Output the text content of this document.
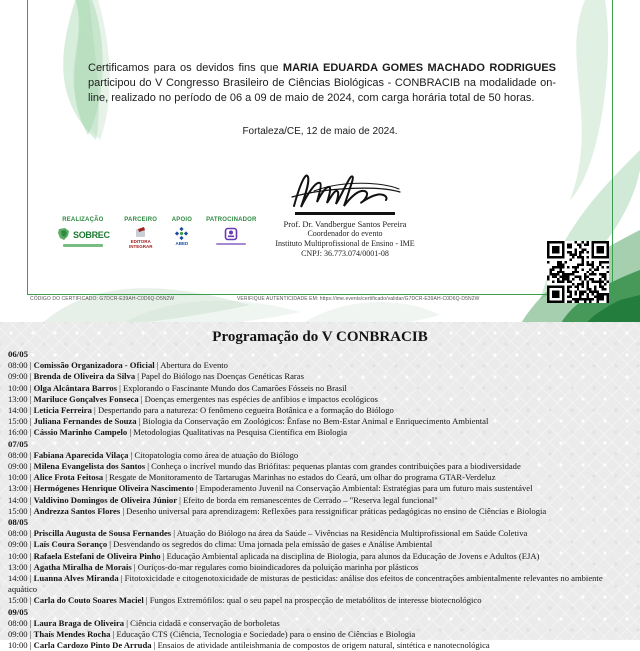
Certificamos para os devidos fins que MARIA EDUARDA GOMES MACHADO RODRIGUES participou do V Congresso Brasileiro de Ciências Biológicas - CONBRACIB na modalidade on-line, realizado no período de 06 a 09 de maio de 2024, com carga horária total de 50 horas.

Fortaleza/CE, 12 de maio de 2024.
Prof. Dr. Vandbergue Santos Pereira
Coordenador do evento
Instituto Multiprofissional de Ensino - IME
CNPJ: 36.773.074/0001-08
REALIZAÇÃO
SOBREC
PARCEIRO
EDITORA INTEGRAR
APOIO
ABED
PATROCINADOR
CÓDIGO DO CERTIFICADO: G7DCR-E39AH-C0D6Q-D5N2W	VERIFIQUE AUTENTICIDADE EM: https://ime.events/certificado/validar/G7DCR-E39AH-C0D6Q-D5N2W
Programação do V CONBRACIB
06/05
08:00 | Comissão Organizadora - Oficial | Abertura do Evento
09:00 | Brenda de Oliveira da Silva | Papel do Biólogo nas Doenças Genéticas Raras
10:00 | Olga Alcântara Barros | Explorando o Fascinante Mundo dos Camarões Fósseis no Brasil
13:00 | Mariluce Gonçalves Fonseca | Doenças emergentes nas espécies de anfíbios e impactos ecológicos
14:00 | Leticia Ferreira | Despertando para a natureza: O fenômeno cegueira Botânica e a formação do Biólogo
15:00 | Juliana Fernandes de Souza | Biologia da Conservação em Zoológicos: Ênfase no Bem-Estar Animal e Enriquecimento Ambiental
16:00 | Cássio Marinho Campelo | Metodologias Qualitativas na Pesquisa Científica em Biologia
07/05
08:00 | Fabiana Aparecida Vilaça | Citopatologia como área de atuação do Biólogo
09:00 | Milena Evangelista dos Santos | Conheça o incrível mundo das Briófitas: pequenas plantas com grandes contribuições para a biodiversidade
10:00 | Alice Frota Feitosa | Resgate de Monitoramento de Tartarugas Marinhas no estados do Ceará, um olhar do programa GTAR-Verdeluz
13:00 | Hermógenes Henrique Oliveira Nascimento | Empoderamento Juvenil na Conservação Ambiental: Estratégias para um futuro mais sustentável
14:00 | Valdivino Domingos de Oliveira Júnior | Efeito de borda em remanescentes de Cerrado – "Reserva legal funcional"
15:00 | Andrezza Santos Flores | Desenho universal para aprendizagem: Reflexões para ressignificar práticas pedagógicas no ensino de Ciências e Biologia
08/05
08:00 | Priscilla Augusta de Sousa Fernandes | Atuação do Biólogo na área da Saúde – Vivências na Residência Multiprofissional em Saúde Coletiva
09:00 | Laís Coura Soranço | Desvendando os segredos do clima: Uma jornada pela emissão de gases e Análise Ambiental
10:00 | Rafaela Estefani de Oliveira Pinho | Educação Ambiental aplicada na disciplina de Biologia, para alunos da Educação de Jovens e Adultos (EJA)
13:00 | Agatha Miralha de Morais | Ouriços-do-mar regulares como bioindicadores da poluição marinha por plásticos
14:00 | Luanna Alves Miranda | Fitotoxicidade e citogenotoxicidade de misturas de pesticidas: análise dos efeitos de concentrações ambientalmente relevantes no ambiente aquático
15:00 | Carla do Couto Soares Maciel | Fungos Extremófilos: qual o seu papel na prospecção de metabólitos de interesse biotecnológico
09/05
08:00 | Laura Braga de Oliveira | Ciência cidadã e conservação de borboletas
09:00 | Thaís Mendes Rocha | Educação CTS (Ciência, Tecnologia e Sociedade) para o ensino de Ciências e Biologia
10:00 | Carla Cardozo Pinto De Arruda | Ensaios de atividade antileishmania de compostos de origem natural, sintética e nanotecnológica
